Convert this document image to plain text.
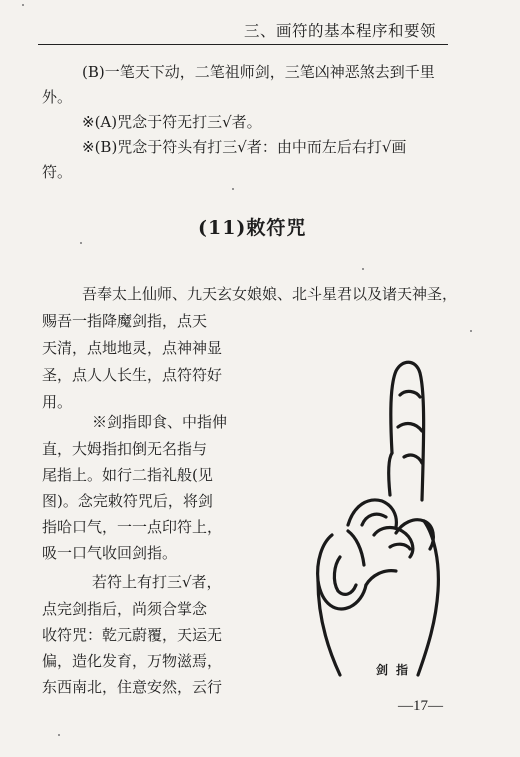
三、画符的基本程序和要领
(B)一笔天下动，二笔祖师剑，三笔凶神恶煞去到千里
外。
※(A)咒念于符无打三√者。
※(B)咒念于符头有打三√者：由中而左后右打√画
符。
(11)敕符咒
吾奉太上仙师、九天玄女娘娘、北斗星君以及诸天神圣，
赐吾一指降魔剑指，点天
天清，点地地灵，点神神显
圣，点人人长生，点符符好
用。
※剑指即食、中指伸
直，大姆指扣倒无名指与
尾指上。如行二指礼般(见
图)。念完敕符咒后，将剑
指哈口气，一一点印符上，
吸一口气收回剑指。
若符上有打三√者，
点完剑指后，尚须合掌念
收符咒：乾元蔚覆，天运无
偏，造化发育，万物滋焉，
东西南北，住意安然，云行
剑指
—17—
